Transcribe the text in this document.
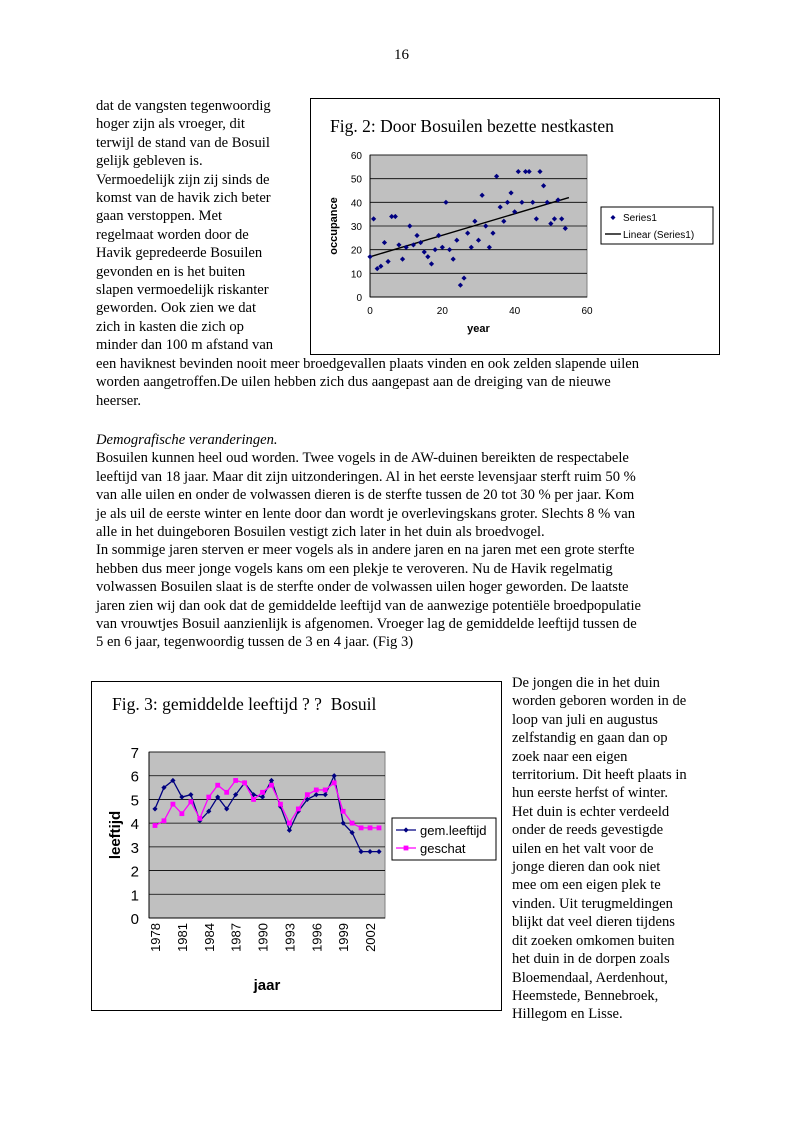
16
dat de vangsten tegenwoordig
hoger zijn als vroeger, dit
terwijl de stand van de Bosuil
gelijk gebleven is.
Vermoedelijk zijn zij sinds de
komst van de havik zich beter
gaan verstoppen. Met
regelmaat worden door de
Havik gepredeerde Bosuilen
gevonden en is het buiten
slapen vermoedelijk riskanter
geworden. Ook zien we dat
zich in kasten die zich op
minder dan 100 m afstand van
een haviknest bevinden nooit meer broedgevallen plaats vinden en ook zelden slapende uilen
worden aangetroffen.De uilen hebben zich dus aangepast aan de dreiging van de nieuwe
heerser.
Demografische veranderingen.
Bosuilen kunnen heel oud worden. Twee vogels in de AW-duinen bereikten de respectabele
leeftijd van 18 jaar. Maar dit zijn uitzonderingen. Al in het eerste levensjaar sterft ruim 50 %
van alle uilen en onder de volwassen dieren is de sterfte tussen de 20 tot 30 % per jaar. Kom
je als uil de eerste winter en lente door dan wordt je overlevingskans groter. Slechts 8 % van
alle in het duingeboren Bosuilen vestigt zich later in het duin als broedvogel.
In sommige jaren sterven er meer vogels als in andere jaren en na jaren met een grote sterfte
hebben dus meer jonge vogels kans om een plekje te veroveren. Nu de Havik regelmatig
volwassen Bosuilen slaat is de sterfte onder de volwassen uilen hoger geworden. De laatste
jaren zien wij dan ook dat de gemiddelde leeftijd van de aanwezige potentiële broedpopulatie
van vrouwtjes Bosuil aanzienlijk is afgenomen. Vroeger lag de gemiddelde leeftijd tussen de
5 en 6 jaar, tegenwoordig tussen de 3 en 4 jaar. (Fig 3)
De jongen die in het duin
worden geboren worden in de
loop van juli en augustus
zelfstandig en gaan dan op
zoek naar een eigen
territorium. Dit heeft plaats in
hun eerste herfst of winter.
Het duin is echter verdeeld
onder de reeds gevestigde
uilen en het valt voor de
jonge dieren dan ook niet
mee om een eigen plek te
vinden. Uit terugmeldingen
blijkt dat veel dieren tijdens
dit zoeken omkomen buiten
het duin in de dorpen zoals
Bloemendaal, Aerdenhout,
Heemstede, Bennebroek,
Hillegom en Lisse.
Fig. 2: Door Bosuilen bezette nestkasten
0
10
20
30
40
50
60
0	20	40	60
year
occupance	Series1
Linear (Series1)
Fig. 3: gemiddelde leeftijd ? ?  Bosuil
0
1
2
3
4
5
6
7
1978 1981 1984 1987 1990 1993 1996 1999 2002
jaar
leeftijd	gem.leeftijd
geschat
